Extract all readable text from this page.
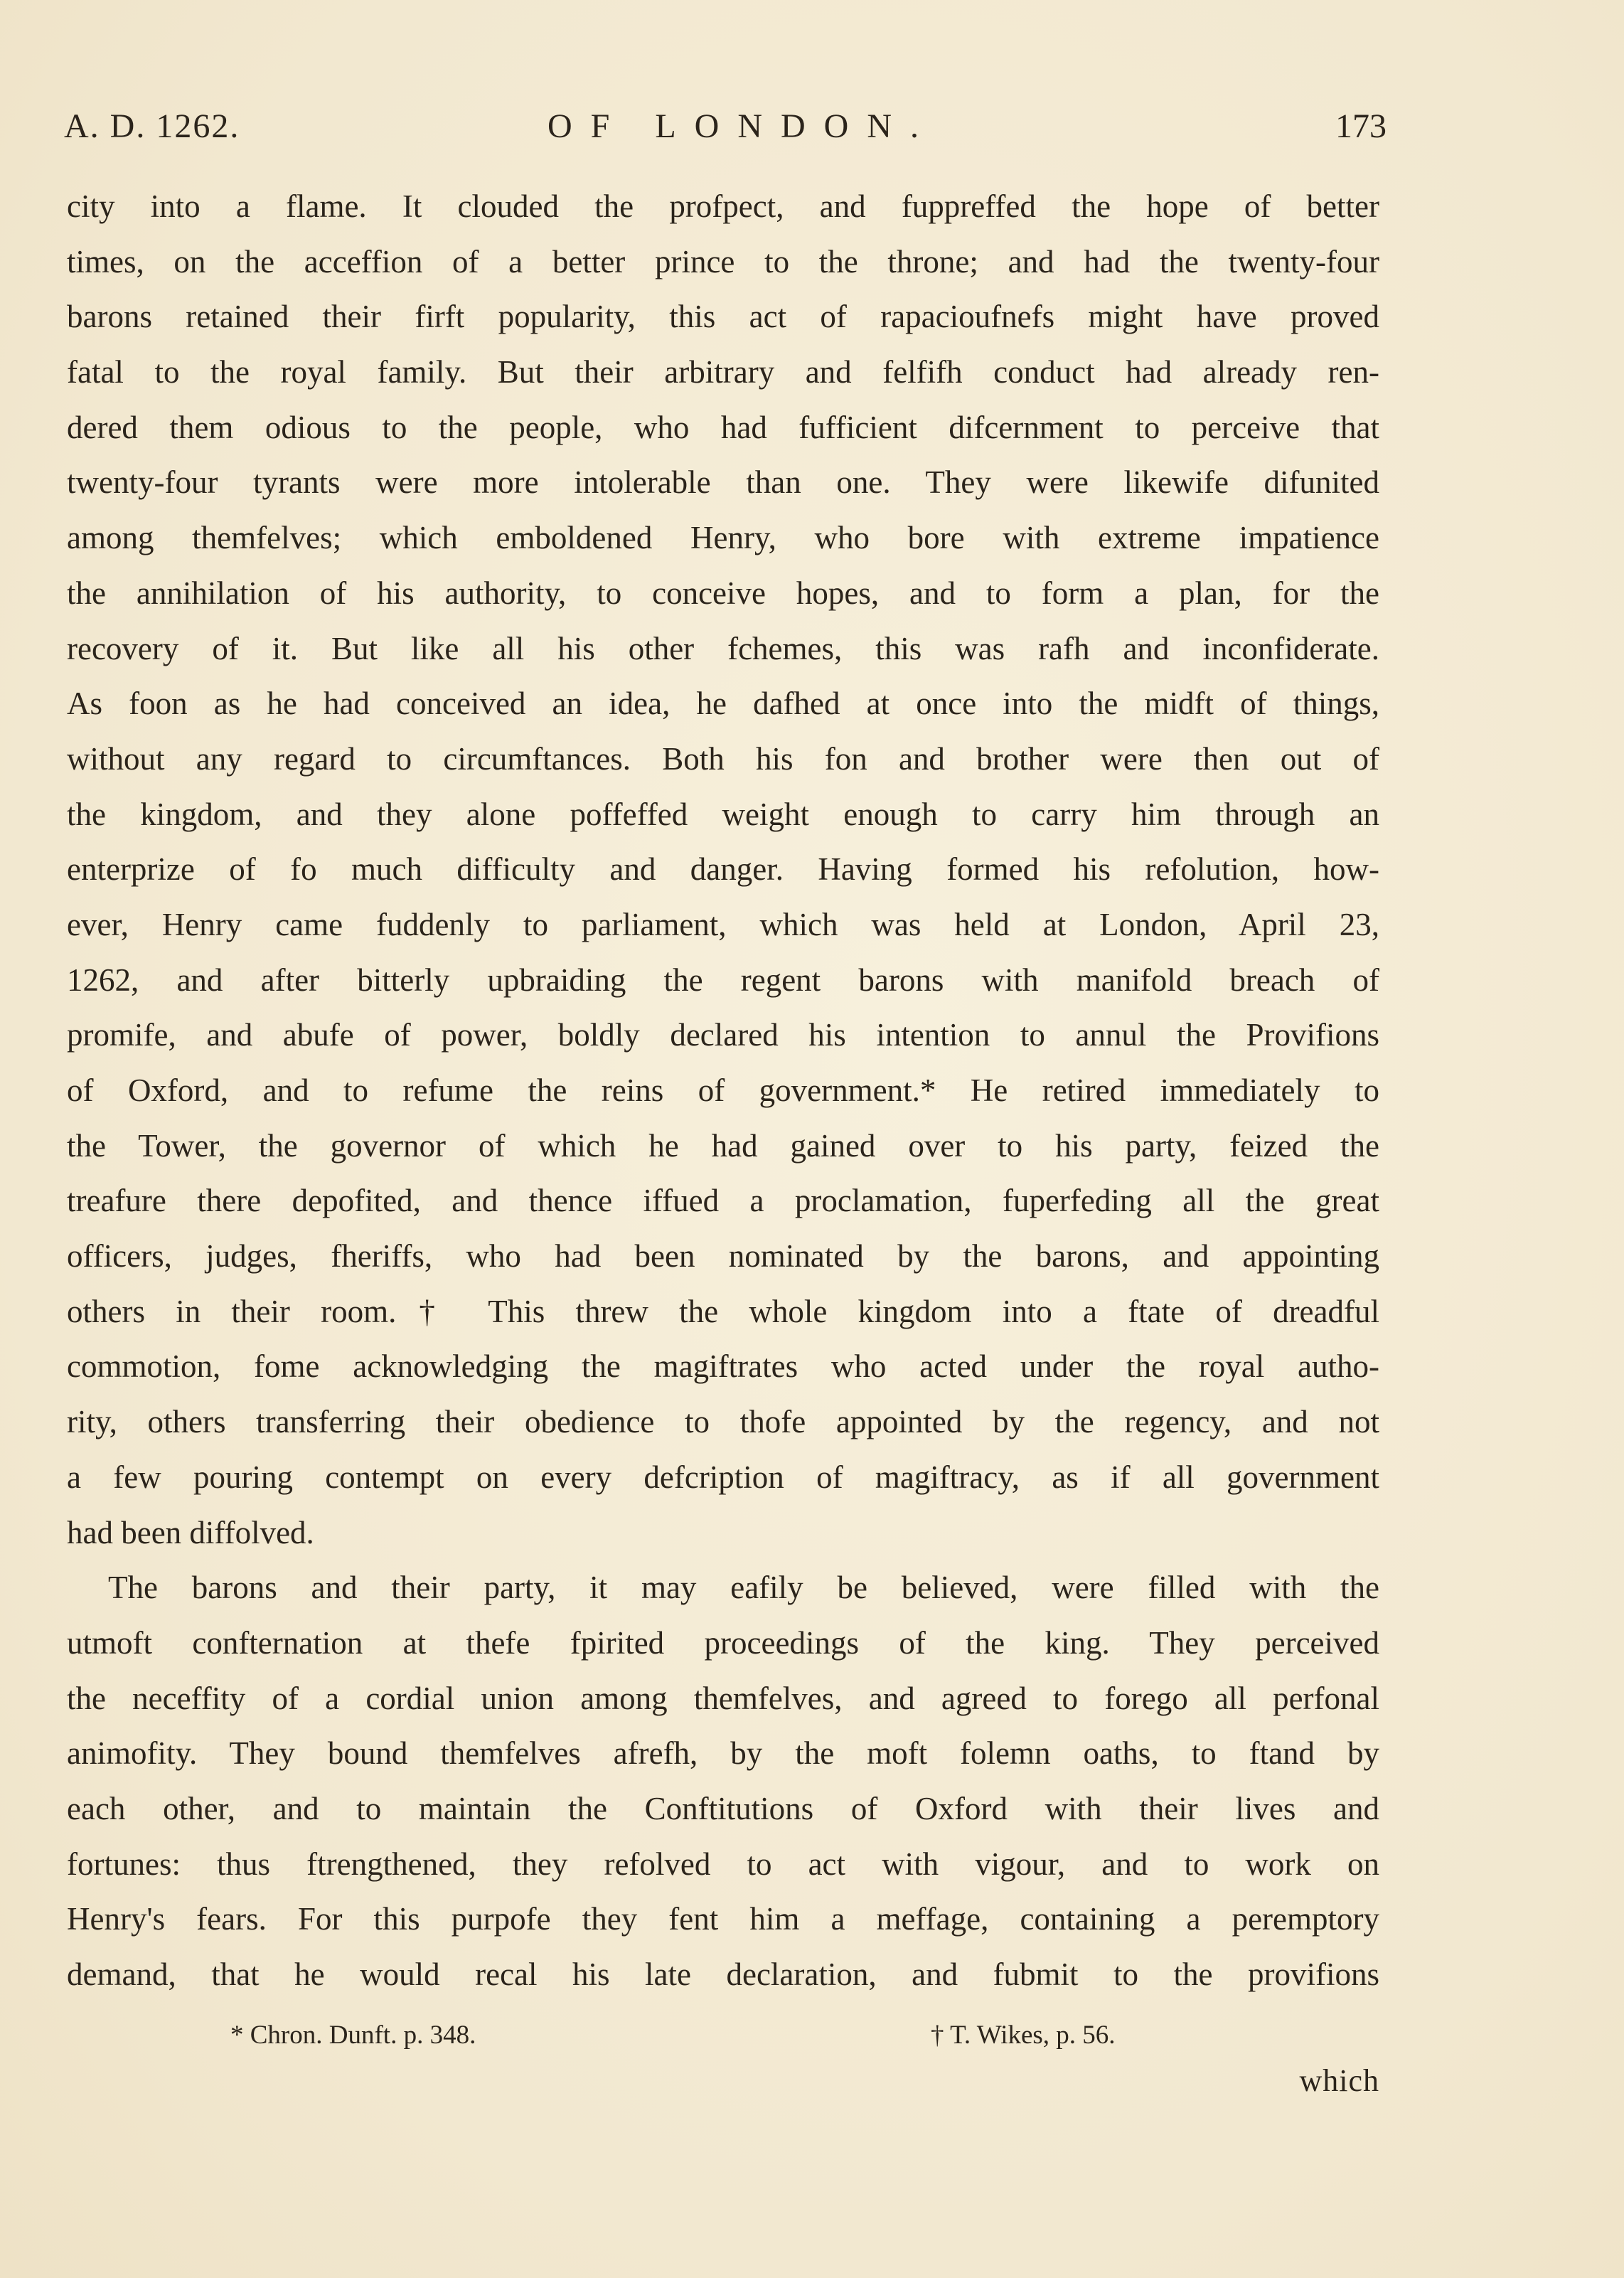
A. D. 1262.	OF LONDON.	173
city into a flame. It clouded the profpect, and fuppreffed the hope of better
times, on the acceffion of a better prince to the throne; and had the twenty-four
barons retained their firft popularity, this act of rapacioufnefs might have proved
fatal to the royal family. But their arbitrary and felfifh conduct had already ren-
dered them odious to the people, who had fufficient difcernment to perceive that
twenty-four tyrants were more intolerable than one. They were likewife difunited
among themfelves; which emboldened Henry, who bore with extreme impatience
the annihilation of his authority, to conceive hopes, and to form a plan, for the
recovery of it. But like all his other fchemes, this was rafh and inconfiderate.
As foon as he had conceived an idea, he dafhed at once into the midft of things,
without any regard to circumftances. Both his fon and brother were then out of
the kingdom, and they alone poffeffed weight enough to carry him through an
enterprize of fo much difficulty and danger. Having formed his refolution, how-
ever, Henry came fuddenly to parliament, which was held at London, April 23,
1262, and after bitterly upbraiding the regent barons with manifold breach of
promife, and abufe of power, boldly declared his intention to annul the Provifions
of Oxford, and to refume the reins of government.* He retired immediately to
the Tower, the governor of which he had gained over to his party, feized the
treafure there depofited, and thence iffued a proclamation, fuperfeding all the great
officers, judges, fheriffs, who had been nominated by the barons, and appointing
others in their room.† This threw the whole kingdom into a ftate of dreadful
commotion, fome acknowledging the magiftrates who acted under the royal autho-
rity, others transferring their obedience to thofe appointed by the regency, and not
a few pouring contempt on every defcription of magiftracy, as if all government
had been diffolved.
The barons and their party, it may eafily be believed, were filled with the
utmoft confternation at thefe fpirited proceedings of the king. They perceived
the neceffity of a cordial union among themfelves, and agreed to forego all perfonal
animofity. They bound themfelves afrefh, by the moft folemn oaths, to ftand by
each other, and to maintain the Conftitutions of Oxford with their lives and
fortunes: thus ftrengthened, they refolved to act with vigour, and to work on
Henry's fears. For this purpofe they fent him a meffage, containing a peremptory
demand, that he would recal his late declaration, and fubmit to the provifions
* Chron. Dunft. p. 348.	† T. Wikes, p. 56.
which
